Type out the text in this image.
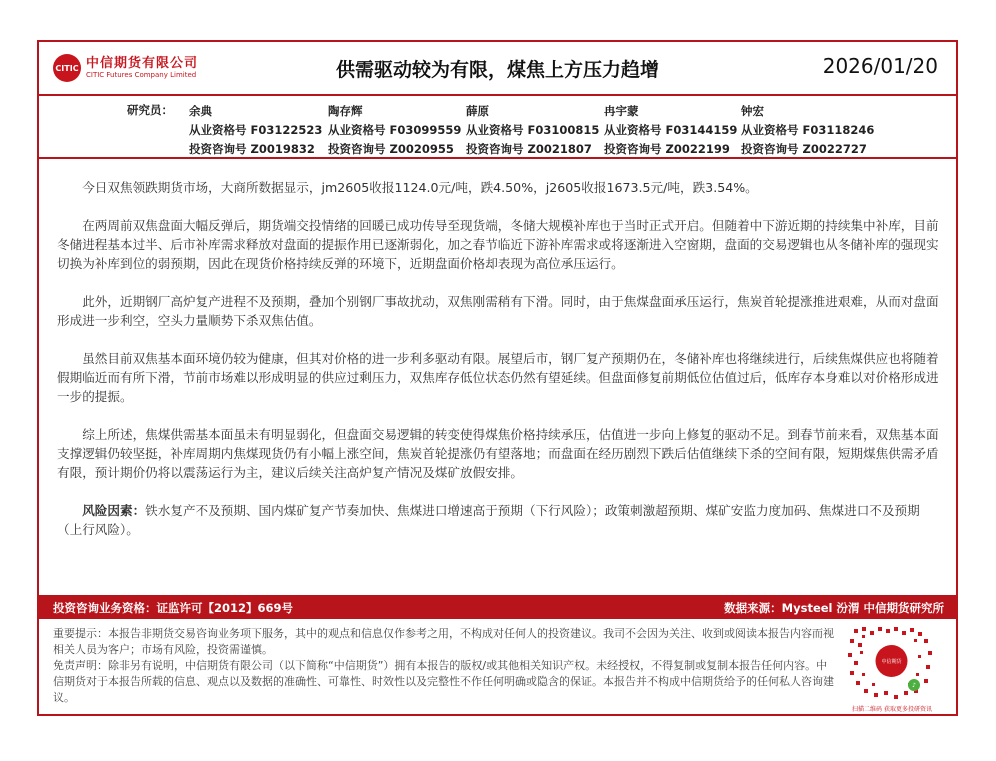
CITIC 中信期货有限公司
CITIC Futures Company Limited	供需驱动较为有限，煤焦上方压力趋增	2026/01/20
研究员： 余典
从业资格号 F03122523
投资咨询号 Z0019832
陶存辉
从业资格号 F03099559
投资咨询号 Z0020955
薛原
从业资格号 F03100815
投资咨询号 Z0021807
冉宇蒙
从业资格号 F03144159
投资咨询号 Z0022199
钟宏
从业资格号 F03118246
投资咨询号 Z0022727

今日双焦领跌期货市场，大商所数据显示，jm2605收报1124.0元/吨，跌4.50%，j2605收报1673.5元/吨，跌3.54%。

在两周前双焦盘面大幅反弹后，期货端交投情绪的回暖已成功传导至现货端，冬储大规模补库也于当时正式开启。但随着中下游近期的持续集中补库，目前冬储进程基本过半、后市补库需求释放对盘面的提振作用已逐渐弱化，加之春节临近下游补库需求或将逐渐进入空窗期，盘面的交易逻辑也从冬储补库的强现实切换为补库到位的弱预期，因此在现货价格持续反弹的环境下，近期盘面价格却表现为高位承压运行。

此外，近期钢厂高炉复产进程不及预期，叠加个别钢厂事故扰动，双焦刚需稍有下滑。同时，由于焦煤盘面承压运行，焦炭首轮提涨推进艰难，从而对盘面形成进一步利空，空头力量顺势下杀双焦估值。

虽然目前双焦基本面环境仍较为健康，但其对价格的进一步利多驱动有限。展望后市，钢厂复产预期仍在，冬储补库也将继续进行，后续焦煤供应也将随着假期临近而有所下滑，节前市场难以形成明显的供应过剩压力，双焦库存低位状态仍然有望延续。但盘面修复前期低位估值过后，低库存本身难以对价格形成进一步的提振。

综上所述，焦煤供需基本面虽未有明显弱化，但盘面交易逻辑的转变使得煤焦价格持续承压，估值进一步向上修复的驱动不足。到春节前来看，双焦基本面支撑逻辑仍较坚挺，补库周期内焦煤现货仍有小幅上涨空间，焦炭首轮提涨仍有望落地；而盘面在经历剧烈下跌后估值继续下杀的空间有限，短期煤焦供需矛盾有限，预计期价仍将以震荡运行为主，建议后续关注高炉复产情况及煤矿放假安排。

风险因素：铁水复产不及预期、国内煤矿复产节奏加快、焦煤进口增速高于预期（下行风险）；政策刺激超预期、煤矿安监力度加码、焦煤进口不及预期（上行风险）。

投资咨询业务资格：证监许可【2012】669号	数据来源：Mysteel 汾渭 中信期货研究所

重要提示：本报告非期货交易咨询业务项下服务，其中的观点和信息仅作参考之用，不构成对任何人的投资建议。我司不会因为关注、收到或阅读本报告内容而视相关人员为客户；市场有风险，投资需谨慎。

免责声明：除非另有说明，中信期货有限公司（以下简称“中信期货”）拥有本报告的版权/或其他相关知识产权。未经授权，不得复制或复制本报告任何内容。中信期货对于本报告所载的信息、观点以及数据的准确性、可靠性、时效性以及完整性不作任何明确或隐含的保证。本报告并不构成中信期货给予的任何私人咨询建议。

中信期货
♪
扫描二维码 获取更多投研资讯
